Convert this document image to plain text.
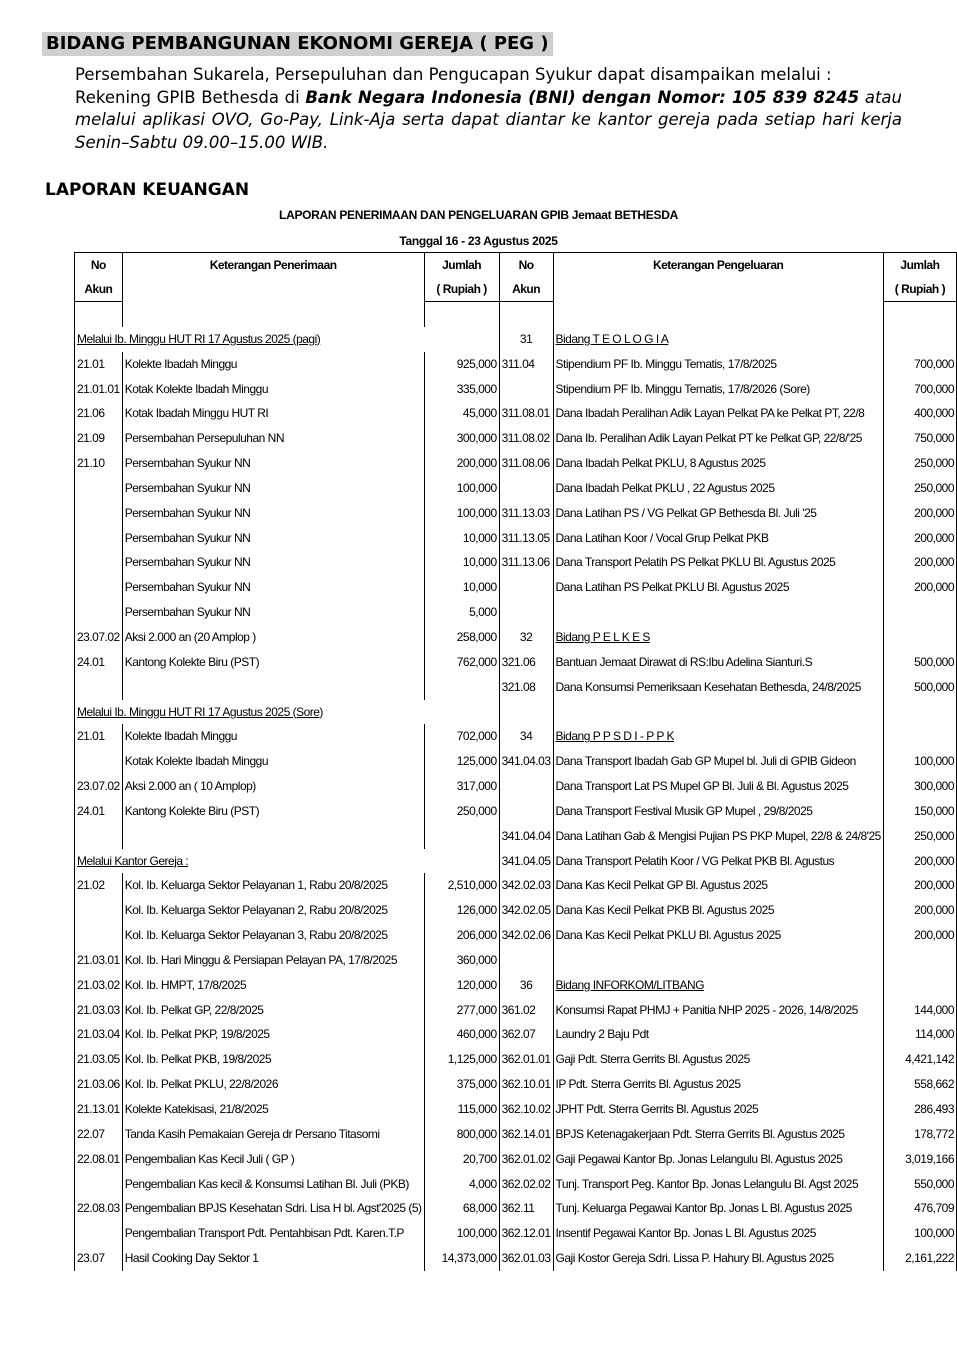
BIDANG PEMBANGUNAN EKONOMI GEREJA ( PEG )

Persembahan Sukarela, Persepuluhan dan Pengucapan Syukur dapat disampaikan melalui :

Rekening GPIB Bethesda di Bank Negara Indonesia (BNI) dengan Nomor: 105 839 8245 atau

melalui aplikasi OVO, Go-Pay, Link-Aja serta dapat diantar ke kantor gereja pada setiap hari kerja

Senin–Sabtu 09.00–15.00 WIB.

LAPORAN KEUANGAN
LAPORAN PENERIMAAN DAN PENGELUARAN GPIB Jemaat BETHESDA
Tanggal 16 - 23 Agustus 2025
No	Keterangan Penerimaan	Jumlah	No	Keterangan Pengeluaran	Jumlah
Akun		( Rupiah )	Akun		( Rupiah )

Melalui Ib. Minggu HUT RI 17 Agustus 2025 (pagi)			31	Bidang T E O L O G I A	
21.01	Kolekte Ibadah Minggu	925,000	311.04	Stipendium PF Ib. Minggu Tematis, 17/8/2025	700,000
21.01.01	Kotak Kolekte Ibadah Minggu	335,000		Stipendium PF Ib. Minggu Tematis, 17/8/2026 (Sore)	700,000
21.06	Kotak Ibadah Minggu HUT RI	45,000	311.08.01	Dana Ibadah Peralihan Adik Layan Pelkat PA ke Pelkat PT, 22/8	400,000
21.09	Persembahan Persepuluhan NN	300,000	311.08.02	Dana Ib. Peralihan Adik Layan Pelkat PT ke Pelkat GP, 22/8/'25	750,000
21.10	Persembahan Syukur NN	200,000	311.08.06	Dana Ibadah Pelkat PKLU, 8 Agustus 2025	250,000
	Persembahan Syukur NN	100,000		Dana Ibadah Pelkat PKLU , 22 Agustus 2025	250,000
	Persembahan Syukur NN	100,000	311.13.03	Dana Latihan PS / VG Pelkat GP Bethesda Bl. Juli '25	200,000
	Persembahan Syukur NN	10,000	311.13.05	Dana Latihan Koor / Vocal Grup Pelkat PKB	200,000
	Persembahan Syukur NN	10,000	311.13.06	Dana Transport Pelatih PS Pelkat PKLU Bl. Agustus 2025	200,000
	Persembahan Syukur NN	10,000		Dana Latihan PS Pelkat PKLU Bl. Agustus 2025	200,000
	Persembahan Syukur NN	5,000			
23.07.02	Aksi 2.000 an (20 Amplop )	258,000	32	Bidang P E L K E S	
24.01	Kantong Kolekte Biru (PST)	762,000	321.06	Bantuan Jemaat Dirawat di RS:Ibu Adelina Sianturi.S	500,000
			321.08	Dana Konsumsi Pemeriksaan Kesehatan Bethesda, 24/8/2025	500,000
Melalui Ib. Minggu HUT RI 17 Agustus 2025 (Sore)					
21.01	Kolekte Ibadah Minggu	702,000	34	Bidang P P S D I - P P K	
	Kotak Kolekte Ibadah Minggu	125,000	341.04.03	Dana Transport Ibadah Gab GP Mupel bl. Juli di GPIB Gideon	100,000
23.07.02	Aksi 2.000 an ( 10 Amplop)	317,000		Dana Transport Lat PS Mupel GP Bl. Juli & Bl. Agustus 2025	300,000
24.01	Kantong Kolekte Biru (PST)	250,000		Dana Transport Festival Musik GP Mupel , 29/8/2025	150,000
			341.04.04	Dana Latihan Gab & Mengisi Pujian PS PKP Mupel, 22/8 & 24/8'25	250,000
Melalui Kantor Gereja :			341.04.05	Dana Transport Pelatih Koor / VG Pelkat PKB Bl. Agustus	200,000
21.02	Kol. Ib. Keluarga Sektor Pelayanan 1, Rabu 20/8/2025	2,510,000	342.02.03	Dana Kas Kecil Pelkat GP Bl. Agustus 2025	200,000
	Kol. Ib. Keluarga Sektor Pelayanan 2, Rabu 20/8/2025	126,000	342.02.05	Dana Kas Kecil Pelkat PKB Bl. Agustus 2025	200,000
	Kol. Ib. Keluarga Sektor Pelayanan 3, Rabu 20/8/2025	206,000	342.02.06	Dana Kas Kecil Pelkat PKLU Bl. Agustus 2025	200,000
21.03.01	Kol. Ib. Hari Minggu & Persiapan Pelayan PA, 17/8/2025	360,000			
21.03.02	Kol. Ib. HMPT, 17/8/2025	120,000	36	Bidang INFORKOM/LITBANG	
21.03.03	Kol. Ib. Pelkat GP, 22/8/2025	277,000	361.02	Konsumsi Rapat PHMJ + Panitia NHP 2025 - 2026, 14/8/2025	144,000
21.03.04	Kol. Ib. Pelkat PKP, 19/8/2025	460,000	362.07	Laundry 2 Baju Pdt	114,000
21.03.05	Kol. Ib. Pelkat PKB, 19/8/2025	1,125,000	362.01.01	Gaji Pdt. Sterra Gerrits Bl. Agustus 2025	4,421,142
21.03.06	Kol. Ib. Pelkat PKLU, 22/8/2026	375,000	362.10.01	IP Pdt. Sterra Gerrits Bl. Agustus 2025	558,662
21.13.01	Kolekte Katekisasi, 21/8/2025	115,000	362.10.02	JPHT Pdt. Sterra Gerrits Bl. Agustus 2025	286,493
22.07	Tanda Kasih Pemakaian Gereja dr Persano Titasomi	800,000	362.14.01	BPJS Ketenagakerjaan Pdt. Sterra Gerrits Bl. Agustus 2025	178,772
22.08.01	Pengembalian Kas Kecil Juli ( GP )	20,700	362.01.02	Gaji Pegawai Kantor Bp. Jonas Lelangulu Bl. Agustus 2025	3,019,166
	Pengembalian Kas kecil & Konsumsi Latihan Bl. Juli (PKB)	4,000	362.02.02	Tunj. Transport Peg. Kantor Bp. Jonas Lelangulu Bl. Agst 2025	550,000
22.08.03	Pengembalian BPJS Kesehatan Sdri. Lisa H bl. Agst'2025 (5)	68,000	362.11	Tunj. Keluarga Pegawai Kantor Bp. Jonas L Bl. Agustus 2025	476,709
	Pengembalian Transport Pdt. Pentahbisan Pdt. Karen.T.P	100,000	362.12.01	Insentif Pegawai Kantor Bp. Jonas L Bl. Agustus 2025	100,000
23.07	Hasil Cooking Day Sektor 1	14,373,000	362.01.03	Gaji Kostor Gereja Sdri. Lissa P. Hahury Bl. Agustus 2025	2,161,222
